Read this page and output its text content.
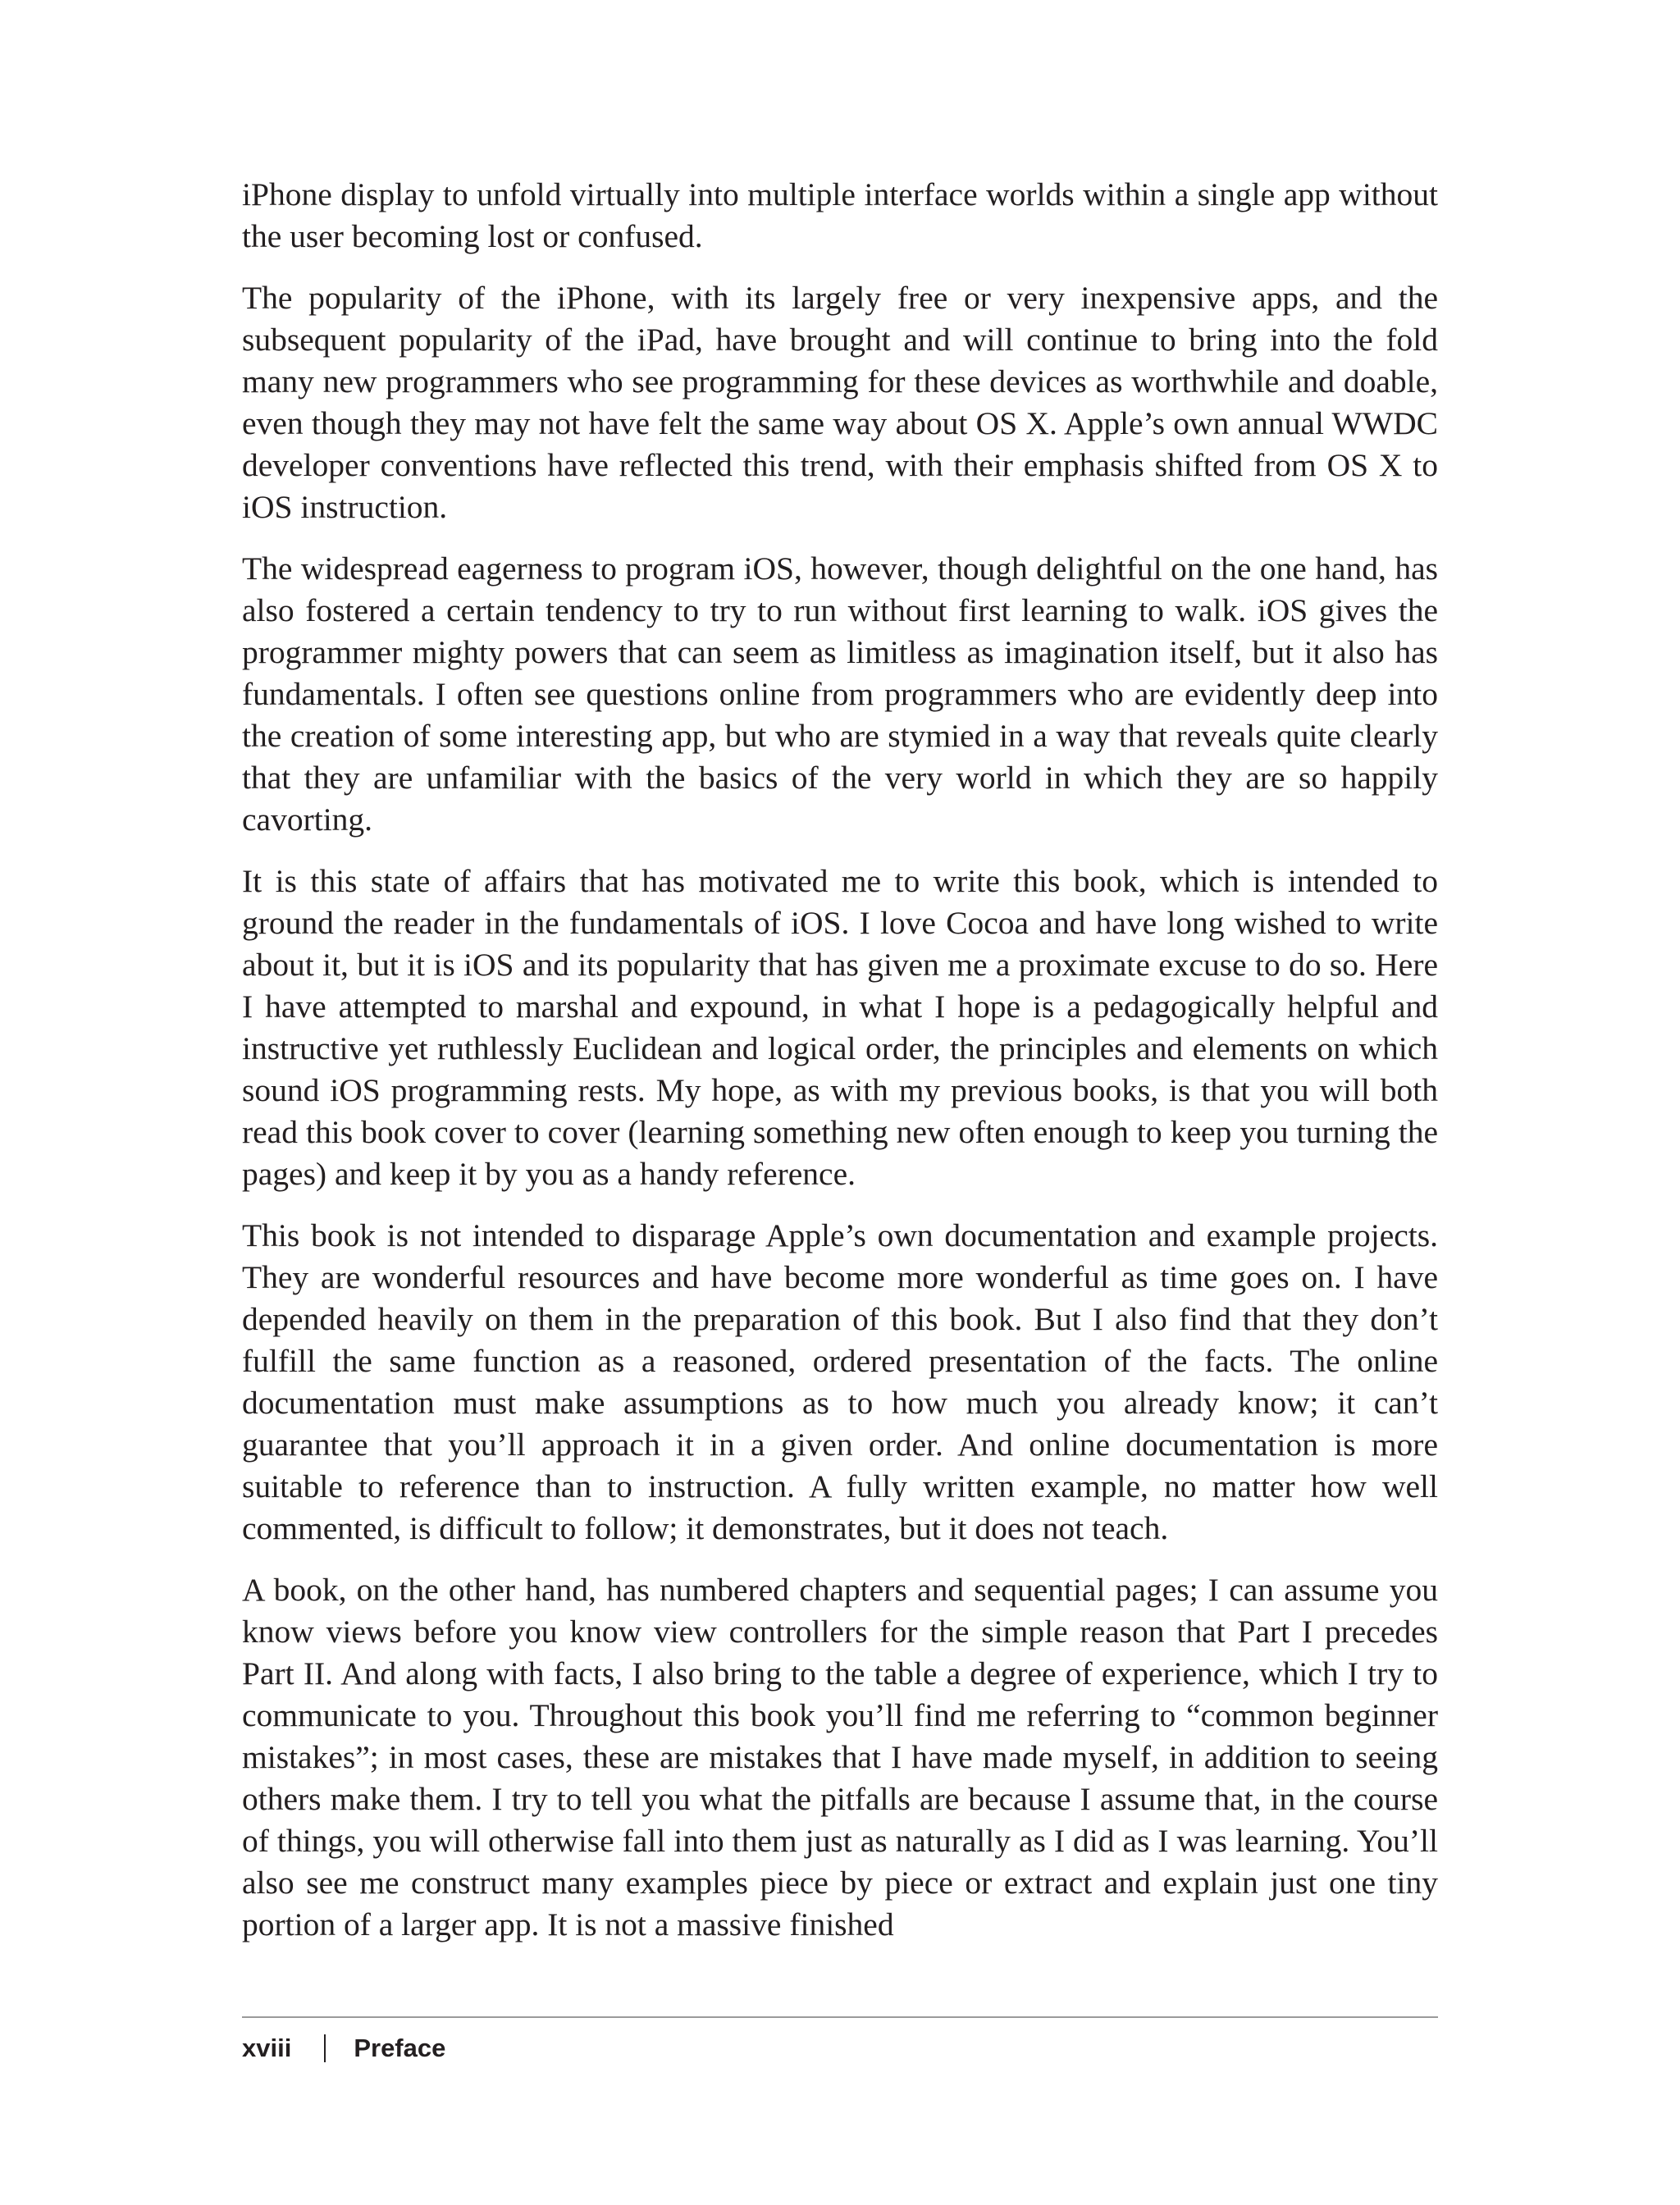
iPhone display to unfold virtually into multiple interface worlds within a single app without the user becoming lost or confused.

The popularity of the iPhone, with its largely free or very inexpensive apps, and the subsequent popularity of the iPad, have brought and will continue to bring into the fold many new programmers who see programming for these devices as worthwhile and doable, even though they may not have felt the same way about OS X. Apple’s own annual WWDC developer conventions have reflected this trend, with their emphasis shifted from OS X to iOS instruction.

The widespread eagerness to program iOS, however, though delightful on the one hand, has also fostered a certain tendency to try to run without first learning to walk. iOS gives the programmer mighty powers that can seem as limitless as imagination itself, but it also has fundamentals. I often see questions online from programmers who are evidently deep into the creation of some interesting app, but who are stymied in a way that reveals quite clearly that they are unfamiliar with the basics of the very world in which they are so happily cavorting.

It is this state of affairs that has motivated me to write this book, which is intended to ground the reader in the fundamentals of iOS. I love Cocoa and have long wished to write about it, but it is iOS and its popularity that has given me a proximate excuse to do so. Here I have attempted to marshal and expound, in what I hope is a pedagogically helpful and instructive yet ruthlessly Euclidean and logical order, the principles and elements on which sound iOS programming rests. My hope, as with my previous books, is that you will both read this book cover to cover (learning something new often enough to keep you turning the pages) and keep it by you as a handy reference.

This book is not intended to disparage Apple’s own documentation and example projects. They are wonderful resources and have become more wonderful as time goes on. I have depended heavily on them in the preparation of this book. But I also find that they don’t fulfill the same function as a reasoned, ordered presentation of the facts. The online documentation must make assumptions as to how much you already know; it can’t guarantee that you’ll approach it in a given order. And online documentation is more suitable to reference than to instruction. A fully written example, no matter how well commented, is difficult to follow; it demonstrates, but it does not teach.

A book, on the other hand, has numbered chapters and sequential pages; I can assume you know views before you know view controllers for the simple reason that Part I precedes Part II. And along with facts, I also bring to the table a degree of experience, which I try to communicate to you. Throughout this book you’ll find me referring to “common beginner mistakes”; in most cases, these are mistakes that I have made myself, in addition to seeing others make them. I try to tell you what the pitfalls are because I assume that, in the course of things, you will otherwise fall into them just as naturally as I did as I was learning. You’ll also see me construct many examples piece by piece or extract and explain just one tiny portion of a larger app. It is not a massive finished

xviii Preface
